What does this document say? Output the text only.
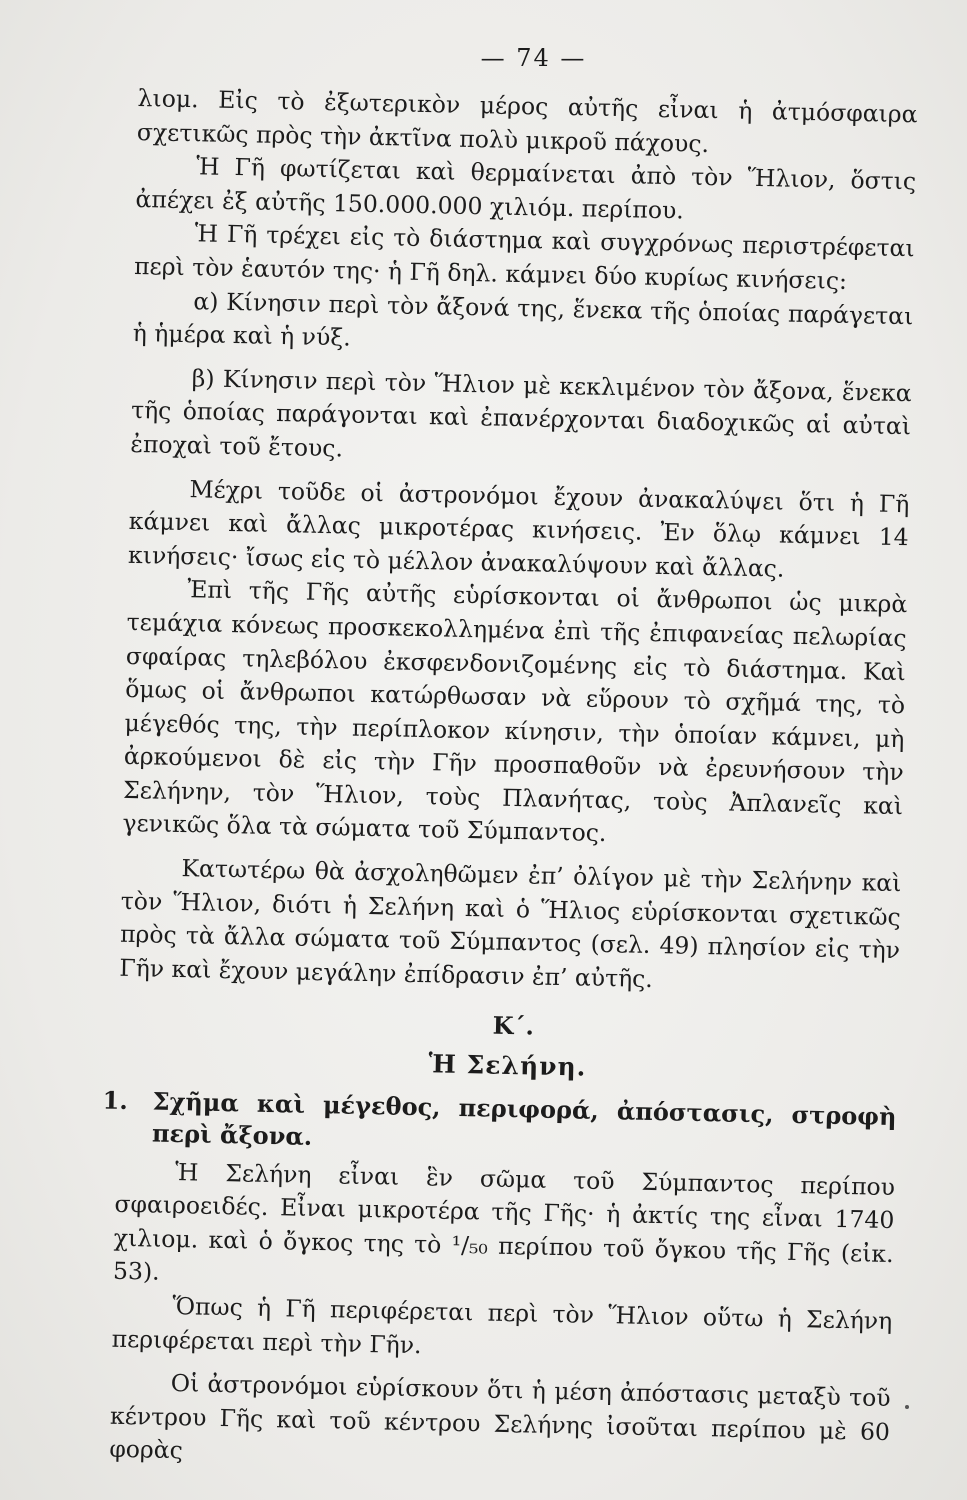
— 74 —

λιομ. Εἰς τὸ ἐξωτερικὸν μέρος αὐτῆς εἶναι ἡ ἀτμόσφαιρα σχετικῶς πρὸς τὴν ἀκτῖνα πολὺ μικροῦ πάχους.

Ἡ Γῆ φωτίζεται καὶ θερμαίνεται ἀπὸ τὸν Ἥλιον, ὅστις ἀπέχει ἐξ αὐτῆς 150.000.000 χιλιόμ. περίπου.

Ἡ Γῆ τρέχει εἰς τὸ διάστημα καὶ συγχρόνως περιστρέφεται περὶ τὸν ἑαυτόν της· ἡ Γῆ δηλ. κάμνει δύο κυρίως κινήσεις:

α) Κίνησιν περὶ τὸν ἄξονά της, ἕνεκα τῆς ὁποίας παράγεται ἡ ἡμέρα καὶ ἡ νύξ.

β) Κίνησιν περὶ τὸν Ἥλιον μὲ κεκλιμένον τὸν ἄξονα, ἕνεκα τῆς ὁποίας παράγονται καὶ ἐπανέρχονται διαδοχικῶς αἱ αὐταὶ ἐποχαὶ τοῦ ἔτους.

Μέχρι τοῦδε οἱ ἀστρονόμοι ἔχουν ἀνακαλύψει ὅτι ἡ Γῆ κάμνει καὶ ἄλλας μικροτέρας κινήσεις. Ἐν ὅλῳ κάμνει 14 κινήσεις· ἴσως εἰς τὸ μέλλον ἀνακαλύψουν καὶ ἄλλας.

Ἐπὶ τῆς Γῆς αὐτῆς εὑρίσκονται οἱ ἄνθρωποι ὡς μικρὰ τεμάχια κόνεως προσκεκολλημένα ἐπὶ τῆς ἐπιφανείας πελωρίας σφαίρας τηλεβόλου ἐκσφενδονιζομένης εἰς τὸ διάστημα. Καὶ ὅμως οἱ ἄνθρωποι κατώρθωσαν νὰ εὕρουν τὸ σχῆμά της, τὸ μέγεθός της, τὴν περίπλοκον κίνησιν, τὴν ὁποίαν κάμνει, μὴ ἀρκούμενοι δὲ εἰς τὴν Γῆν προσπαθοῦν νὰ ἐρευνήσουν τὴν Σελήνην, τὸν Ἥλιον, τοὺς Πλανήτας, τοὺς Ἀπλανεῖς καὶ γενικῶς ὅλα τὰ σώματα τοῦ Σύμπαντος.

Κατωτέρω θὰ ἀσχοληθῶμεν ἐπ’ ὀλίγον μὲ τὴν Σελήνην καὶ τὸν Ἥλιον, διότι ἡ Σελήνη καὶ ὁ Ἥλιος εὑρίσκονται σχετικῶς πρὸς τὰ ἄλλα σώματα τοῦ Σύμπαντος (σελ. 49) πλησίον εἰς τὴν Γῆν καὶ ἔχουν μεγάλην ἐπίδρασιν ἐπ’ αὐτῆς.

Κ΄.
Ἡ Σελήνη.
1.	Σχῆμα καὶ μέγεθος, περιφορά, ἀπόστασις, στροφὴ περὶ ἄξονα.

Ἡ Σελήνη εἶναι ἓν σῶμα τοῦ Σύμπαντος περίπου σφαιροειδές. Εἶναι μικροτέρα τῆς Γῆς· ἡ ἀκτίς της εἶναι 1740 χιλιομ. καὶ ὁ ὄγκος της τὸ ¹/₅₀ περίπου τοῦ ὄγκου τῆς Γῆς (εἰκ. 53).

Ὅπως ἡ Γῆ περιφέρεται περὶ τὸν Ἥλιον οὕτω ἡ Σελήνη περιφέρεται περὶ τὴν Γῆν.

Οἱ ἀστρονόμοι εὑρίσκουν ὅτι ἡ μέση ἀπόστασις μεταξὺ τοῦ κέντρου Γῆς καὶ τοῦ κέντρου Σελήνης ἰσοῦται περίπου μὲ 60 φορὰς
